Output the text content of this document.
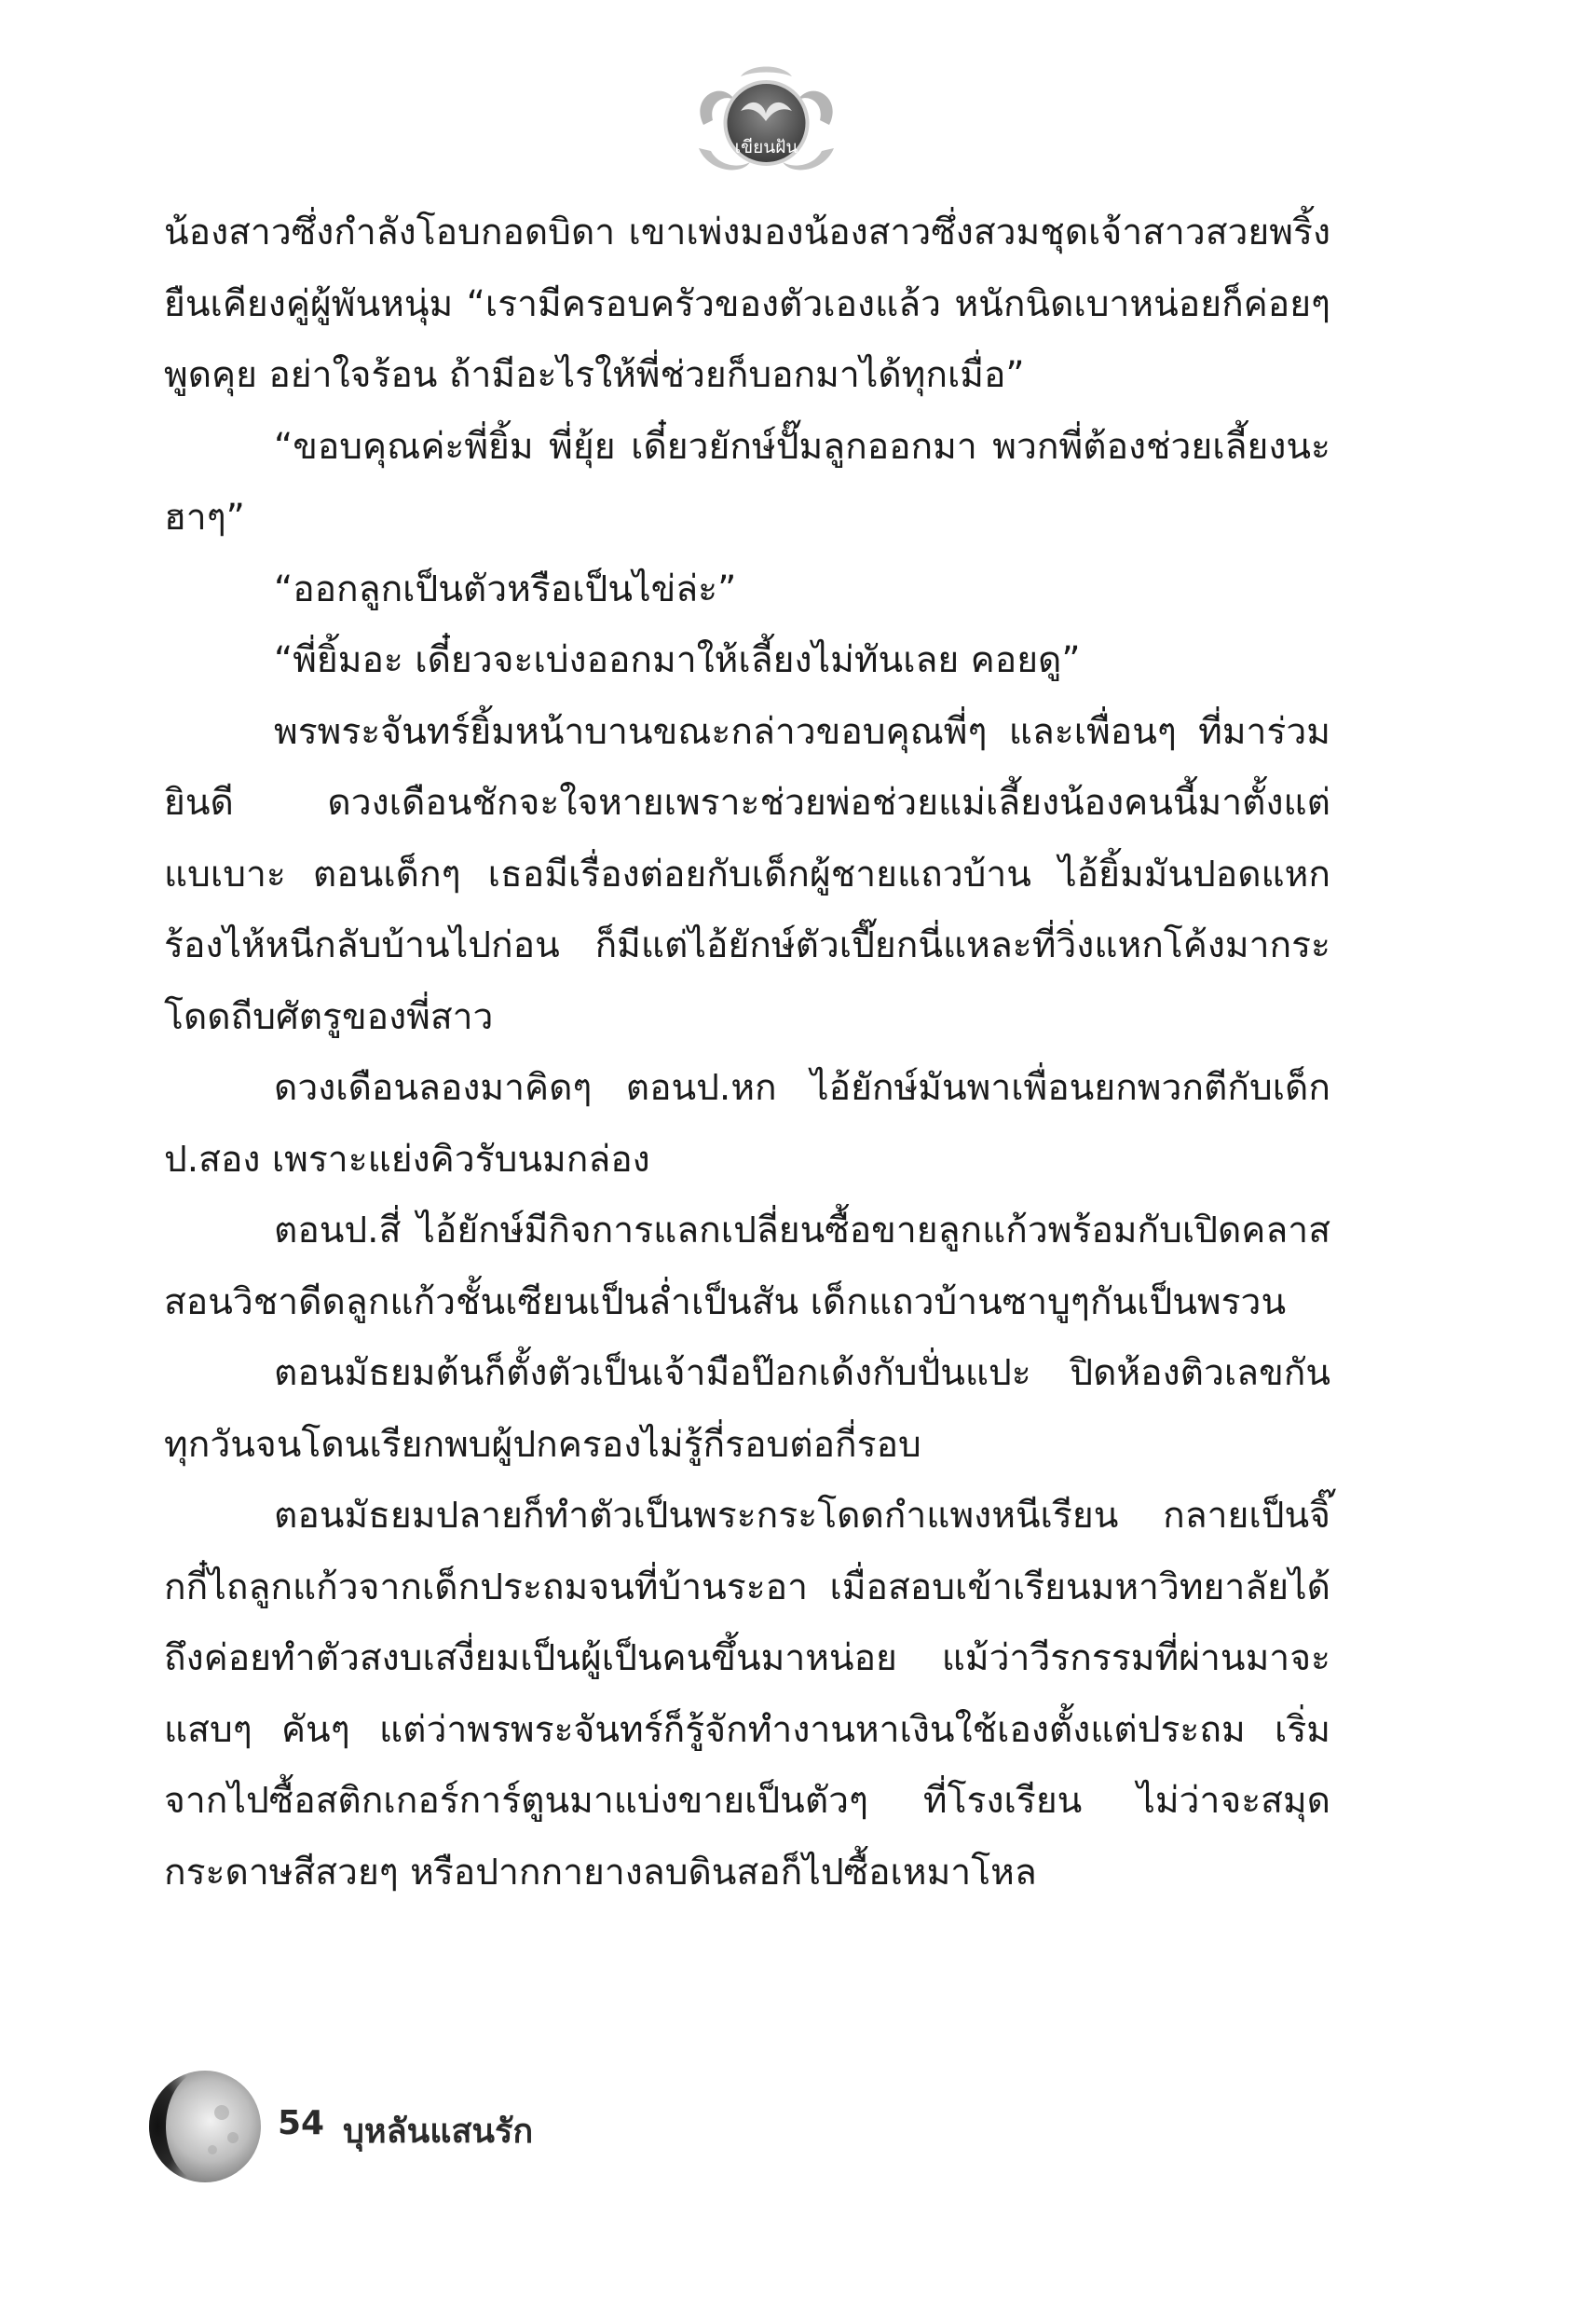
เขียนฝัน

น้องสาวซึ่งกำลังโอบกอดบิดา เขาเพ่งมองน้องสาวซึ่งสวมชุดเจ้าสาวสวยพริ้งยืนเคียงคู่ผู้พันหนุ่ม “เรามีครอบครัวของตัวเองแล้ว หนักนิดเบาหน่อยก็ค่อยๆ พูดคุย อย่าใจร้อน ถ้ามีอะไรให้พี่ช่วยก็บอกมาได้ทุกเมื่อ”

“ขอบคุณค่ะพี่ยิ้ม พี่ยุ้ย เดี๋ยวยักษ์ปั๊มลูกออกมา พวกพี่ต้องช่วยเลี้ยงนะ ฮาๆ”

“ออกลูกเป็นตัวหรือเป็นไข่ล่ะ”

“พี่ยิ้มอะ เดี๋ยวจะเบ่งออกมาให้เลี้ยงไม่ทันเลย คอยดู”

พรพระจันทร์ยิ้มหน้าบานขณะกล่าวขอบคุณพี่ๆ และเพื่อนๆ ที่มาร่วมยินดี ดวงเดือนชักจะใจหายเพราะช่วยพ่อช่วยแม่เลี้ยงน้องคนนี้มาตั้งแต่แบเบาะ ตอนเด็กๆ เธอมีเรื่องต่อยกับเด็กผู้ชายแถวบ้าน ไอ้ยิ้มมันปอดแหกร้องไห้หนีกลับบ้านไปก่อน ก็มีแต่ไอ้ยักษ์ตัวเปี๊ยกนี่แหละที่วิ่งแหกโค้งมากระโดดถีบศัตรูของพี่สาว

ดวงเดือนลองมาคิดๆ ตอนป.หก ไอ้ยักษ์มันพาเพื่อนยกพวกตีกับเด็กป.สอง เพราะแย่งคิวรับนมกล่อง

ตอนป.สี่ ไอ้ยักษ์มีกิจการแลกเปลี่ยนซื้อขายลูกแก้วพร้อมกับเปิดคลาสสอนวิชาดีดลูกแก้วชั้นเซียนเป็นล่ำเป็นสัน เด็กแถวบ้านซาบูๆกันเป็นพรวน

ตอนมัธยมต้นก็ตั้งตัวเป็นเจ้ามือป๊อกเด้งกับปั่นแปะ ปิดห้องติวเลขกันทุกวันจนโดนเรียกพบผู้ปกครองไม่รู้กี่รอบต่อกี่รอบ

ตอนมัธยมปลายก็ทำตัวเป็นพระกระโดดกำแพงหนีเรียน กลายเป็นจิ๊กกี๋ไถลูกแก้วจากเด็กประถมจนที่บ้านระอา เมื่อสอบเข้าเรียนมหาวิทยาลัยได้ถึงค่อยทำตัวสงบเสงี่ยมเป็นผู้เป็นคนขึ้นมาหน่อย แม้ว่าวีรกรรมที่ผ่านมาจะแสบๆ คันๆ แต่ว่าพรพระจันทร์ก็รู้จักทำงานหาเงินใช้เองตั้งแต่ประถม เริ่มจากไปซื้อสติกเกอร์การ์ตูนมาแบ่งขายเป็นตัวๆ ที่โรงเรียน ไม่ว่าจะสมุดกระดาษสีสวยๆ หรือปากกายางลบดินสอก็ไปซื้อเหมาโหล

54 บุหลันแสนรัก
